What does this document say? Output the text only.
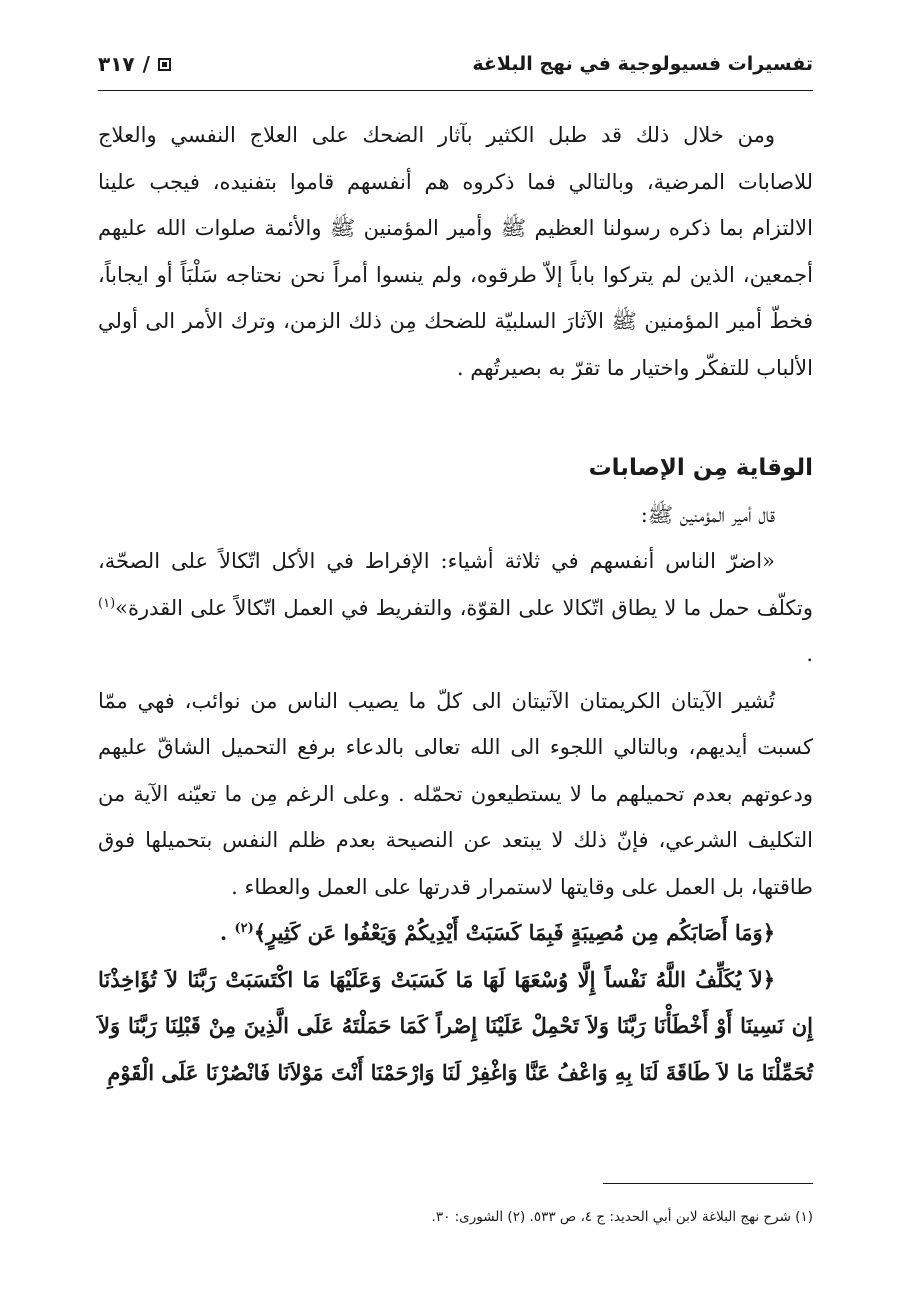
تفسيرات فسيولوجية في نهج البلاغة
/
٣١٧

ومن خلال ذلك قد طبل الكثير بآثار الضحك على العلاج النفسي والعلاج للاصابات المرضية، وبالتالي فما ذكروه هم أنفسهم قاموا بتفنيده، فيجب علينا الالتزام بما ذكره رسولنا العظيم ﷺ وأمير المؤمنين ﷺ والأئمة صلوات الله عليهم أجمعين، الذين لم يتركوا باباً إلاّ طرقوه، ولم ينسوا أمراً نحن نحتاجه سَلْبَاً أو ايجاباً، فخطّ أمير المؤمنين ﷺ الآثارَ السلبيّة للضحك مِن ذلك الزمن، وترك الأمر الى أولي الألباب للتفكّر واختيار ما تقرّ به بصيرتُهم .

الوقاية مِن الإصابات

قال أمير المؤمنين ﷺ:

«اضرّ الناس أنفسهم في ثلاثة أشياء: الإفراط في الأكل اتّكالاً على الصحّة، وتكلّف حمل ما لا يطاق اتّكالا على القوّة، والتفريط في العمل اتّكالاً على القدرة»$^{(١)}$ .

تُشير الآيتان الكريمتان الآتيتان الى كلّ ما يصيب الناس من نوائب، فهي ممّا كسبت أيديهم، وبالتالي اللجوء الى الله تعالى بالدعاء برفع التحميل الشاقّ عليهم ودعوتهم بعدم تحميلهم ما لا يستطيعون تحمّله . وعلى الرغم مِن ما تعيّنه الآية من التكليف الشرعي، فإنّ ذلك لا يبتعد عن النصيحة بعدم ظلم النفس بتحميلها فوق طاقتها، بل العمل على وقايتها لاستمرار قدرتها على العمل والعطاء .

﴿وَمَا أَصَابَكُم مِن مُصِيبَةٍ فَبِمَا كَسَبَتْ أَيْدِيكُمْ وَيَعْفُوا عَن كَثِيرٍ﴾$^{(٢)}$ .

﴿لاَ يُكَلِّفُ اللَّهُ نَفْساً إِلَّا وُسْعَهَا لَهَا مَا كَسَبَتْ وَعَلَيْهَا مَا اكْتَسَبَتْ رَبَّنَا لاَ تُؤَاخِذْنَا إِن نَسِينَا أَوْ أَخْطَأْنَا رَبَّنَا وَلاَ تَحْمِلْ عَلَيْنَا إِصْراً كَمَا حَمَلْتَهُ عَلَى الَّذِينَ مِنْ قَبْلِنَا رَبَّنَا وَلاَ تُحَمِّلْنَا مَا لاَ طَاقَةَ لَنَا بِهِ وَاعْفُ عَنَّا وَاغْفِرْ لَنَا وَارْحَمْنَا أَنْتَ مَوْلاَنَا فَانْصُرْنَا عَلَى الْقَوْمِ

(١) شرح نهج البلاغة لابن أبي الحديد: ج ٤، ص ٥٣٣. (٢) الشورى: ٣٠.
